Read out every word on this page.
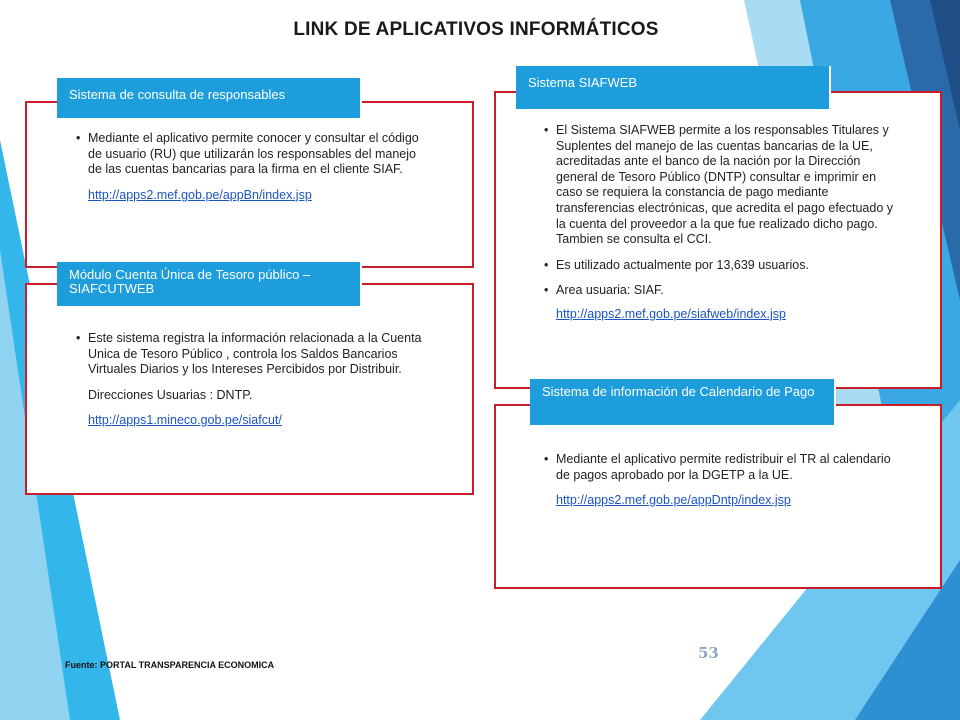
LINK DE APLICATIVOS INFORMÁTICOS
Sistema de consulta de responsables

• Mediante el aplicativo permite conocer y consultar el código de usuario (RU) que utilizarán los responsables del manejo de las cuentas bancarias para la firma en el cliente SIAF.

http://apps2.mef.gob.pe/appBn/index.jsp
Módulo Cuenta Única de Tesoro público – SIAFCUTWEB

• Este sistema registra la información relacionada a la Cuenta Unica de Tesoro Público , controla los Saldos Bancarios Virtuales Diarios y los Intereses Percibidos por Distribuir.

Direcciones Usuarias : DNTP.
http://apps1.mineco.gob.pe/siafcut/
Sistema SIAFWEB

• El Sistema SIAFWEB permite a los responsables Titulares y Suplentes del manejo de las cuentas bancarias de la UE, acreditadas ante el banco de la nación por la Dirección general de Tesoro Público (DNTP) consultar e imprimir en caso se requiera la constancia de pago mediante transferencias electrónicas, que acredita el pago efectuado y la cuenta del proveedor a la que fue realizado dicho pago. Tambien se consulta el CCI.

• Es utilizado actualmente por 13,639 usuarios.

• Area usuaria: SIAF.

http://apps2.mef.gob.pe/siafweb/index.jsp
Sistema de información de Calendario de Pago

• Mediante el aplicativo permite redistribuir el TR al calendario de pagos aprobado por la DGETP a la UE.

http://apps2.mef.gob.pe/appDntp/index.jsp
53
Fuente: PORTAL TRANSPARENCIA ECONOMICA
